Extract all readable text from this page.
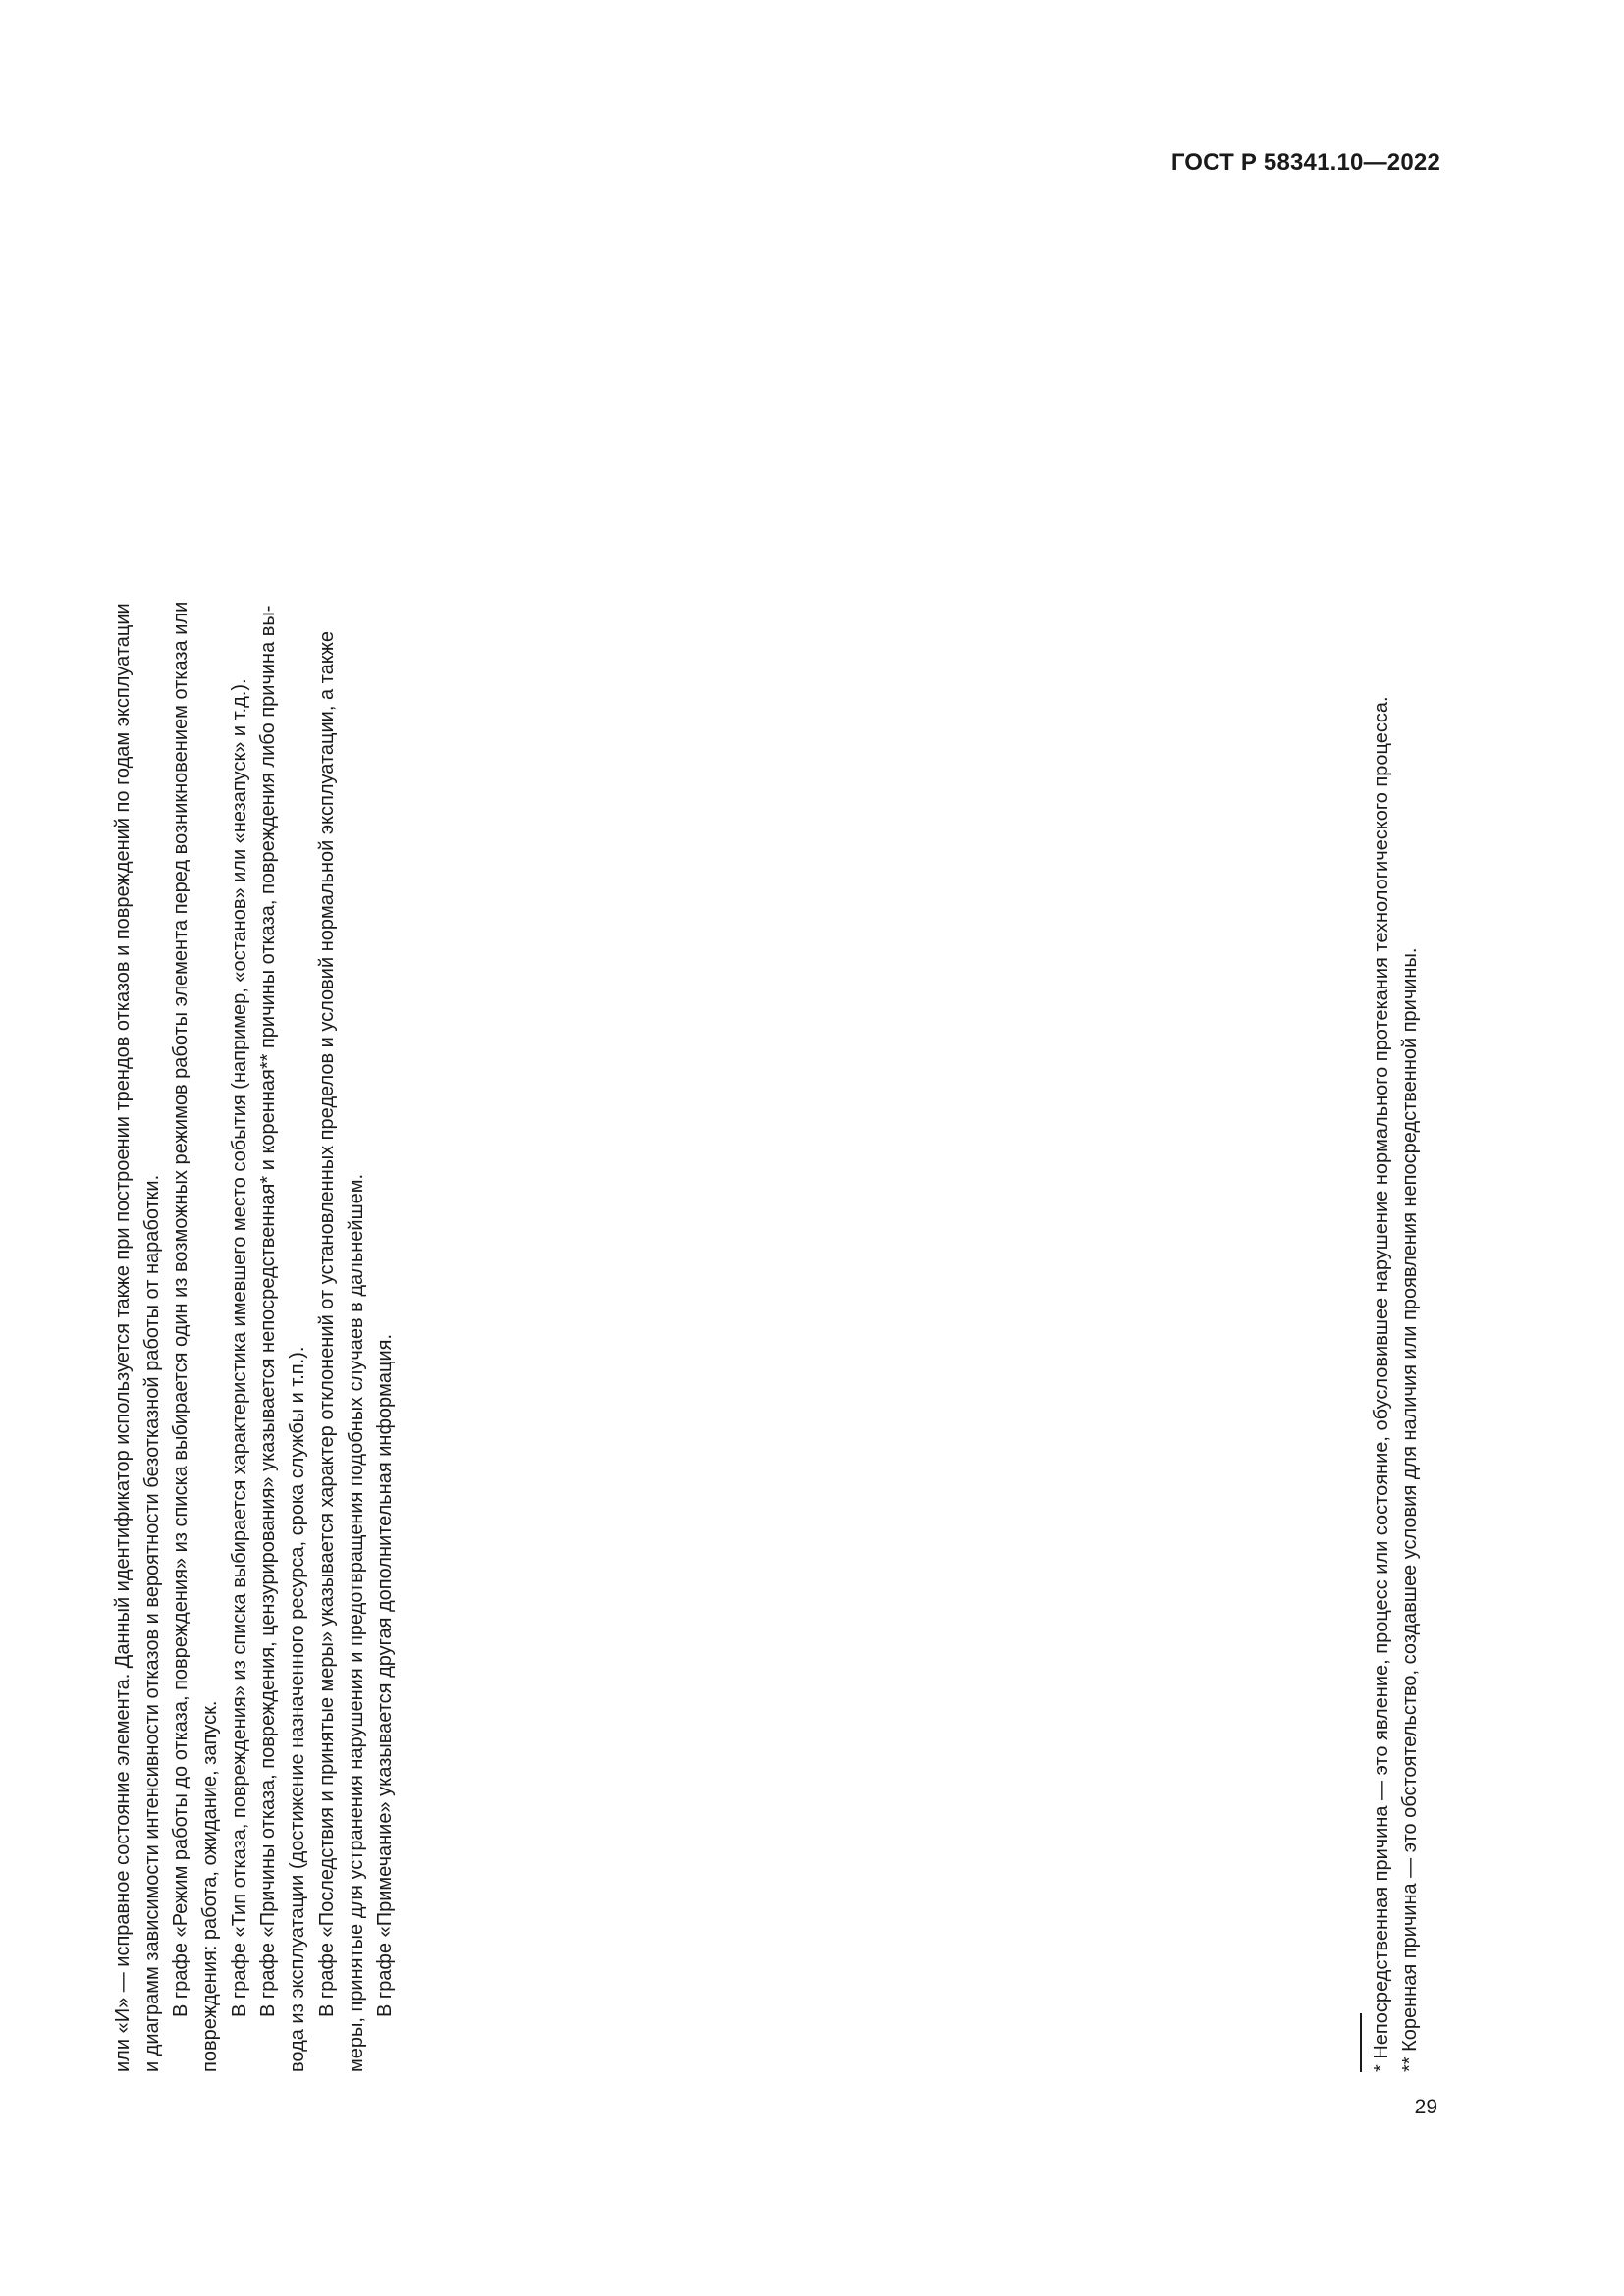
ГОСТ Р 58341.10—2022
или «И» — исправное состояние элемента. Данный идентификатор используется также при построении трендов отказов и повреждений по годам эксплуатации и диаграмм зависимости интенсивности отказов и вероятности безотказной работы от наработки. В графе «Режим работы до отказа, повреждения» из списка выбирается один из возможных режимов работы элемента перед возникновением отказа или повреждения: работа, ожидание, запуск. В графе «Тип отказа, повреждения» из списка выбирается характеристика имевшего место события (например, «останов» или «незапуск» и т.д.). В графе «Причины отказа, повреждения, цензурирования» указывается непосредственная* и коренная** причины отказа, повреждения либо причина вы- вода из эксплуатации (достижение назначенного ресурса, срока службы и т.п.). В графе «Последствия и принятые меры» указывается характер отклонений от установленных пределов и условий нормальной эксплуатации, а также меры, принятые для устранения нарушения и предотвращения подобных случаев в дальнейшем. В графе «Примечание» указывается другая дополнительная информация.	* Непосредственная причина — это явление, процесс или состояние, обусловившее нарушение нормального протекания технологического процесса. ** Коренная причина — это обстоятельство, создавшее условия для наличия или проявления непосредственной причины.
29
